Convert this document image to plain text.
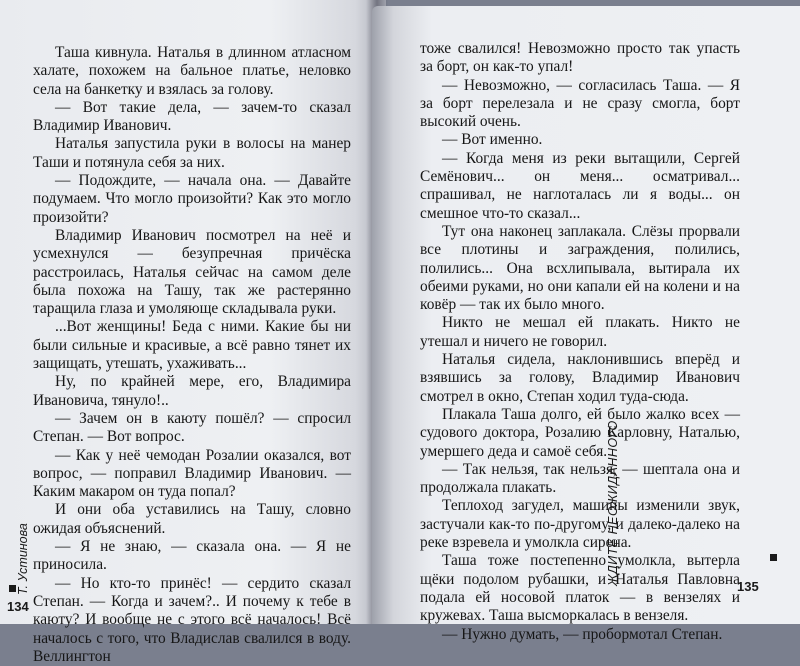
Таша кивнула. Наталья в длинном атласном халате, похожем на бальное платье, неловко села на банкетку и взялась за голову.

— Вот такие дела, — зачем-то сказал Владимир Иванович.

Наталья запустила руки в волосы на манер Таши и потянула себя за них.

— Подождите, — начала она. — Давайте подумаем. Что могло произойти? Как это могло произойти?

Владимир Иванович посмотрел на неё и усмехнулся — безупречная причёска расстроилась, Наталья сейчас на самом деле была похожа на Ташу, так же растерянно таращила глаза и умоляюще складывала руки.

...Вот женщины! Беда с ними. Какие бы ни были сильные и красивые, а всё равно тянет их защищать, утешать, ухаживать...

Ну, по крайней мере, его, Владимира Ивановича, тянуло!..

— Зачем он в каюту пошёл? — спросил Степан. — Вот вопрос.

— Как у неё чемодан Розалии оказался, вот вопрос, — поправил Владимир Иванович. — Каким макаром он туда попал?

И они оба уставились на Ташу, словно ожидая объяснений.

— Я не знаю, — сказала она. — Я не приносила.

— Но кто-то принёс! — сердито сказал Степан. — Когда и зачем?.. И почему к тебе в каюту? И вообще не с этого всё началось! Всё началось с того, что Владислав свалился в воду. Веллингтон

Т. Устинова
134

тоже свалился! Невозможно просто так упасть за борт, он как-то упал!

— Невозможно, — согласилась Таша. — Я за борт перелезала и не сразу смогла, борт высокий очень.

— Вот именно.

— Когда меня из реки вытащили, Сергей Семёнович... он меня... осматривал... спрашивал, не наглоталась ли я воды... он смешное что-то сказал...

Тут она наконец заплакала. Слёзы прорвали все плотины и заграждения, полились, полились... Она всхлипывала, вытирала их обеими руками, но они капали ей на колени и на ковёр — так их было много.

Никто не мешал ей плакать. Никто не утешал и ничего не говорил.

Наталья сидела, наклонившись вперёд и взявшись за голову, Владимир Иванович смотрел в окно, Степан ходил туда-сюда.

Плакала Таша долго, ей было жалко всех — судового доктора, Розалию Карловну, Наталью, умершего деда и самоё себя.

— Так нельзя, так нельзя, — шептала она и продолжала плакать.

Теплоход загудел, машины изменили звук, застучали как-то по-другому, и далеко-далеко на реке взревела и умолкла сирена.

Таша тоже постепенно умолкла, вытерла щёки подолом рубашки, и Наталья Павловна подала ей носовой платок — в вензелях и кружевах. Таша высморкалась в вензеля.

— Нужно думать, — пробормотал Степан.

ЖДИТЕ НЕОЖИДАННОГО
135
